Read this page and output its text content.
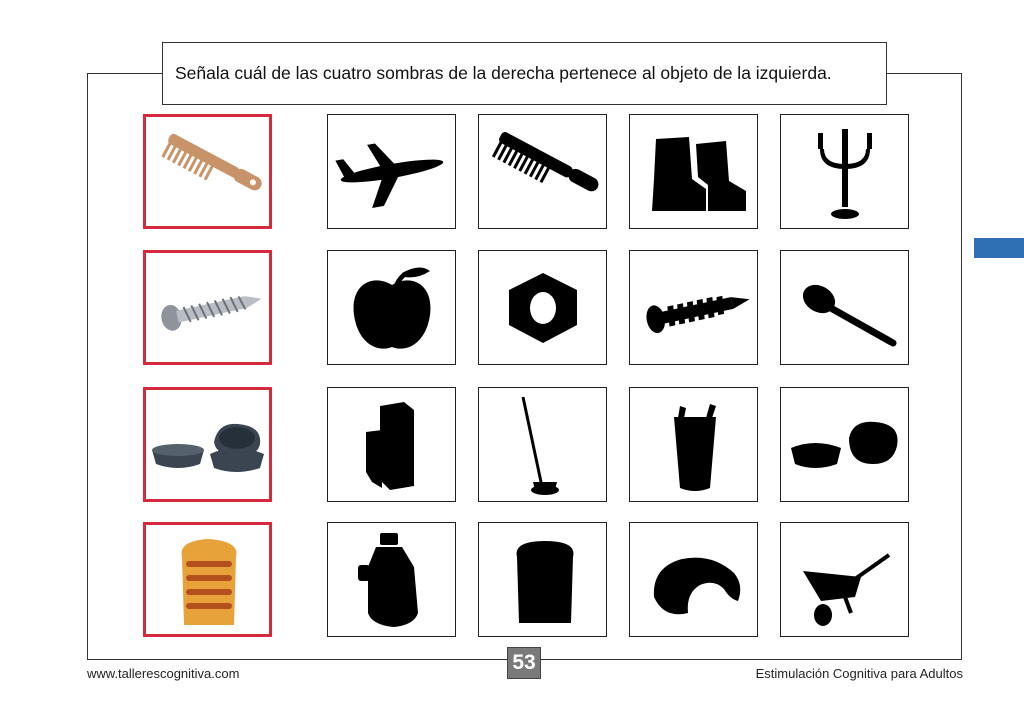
Señala cuál de las cuatro sombras de la derecha pertenece al objeto de la izquierda.
53
www.tallerescognitiva.com	Estimulación Cognitiva para Adultos
